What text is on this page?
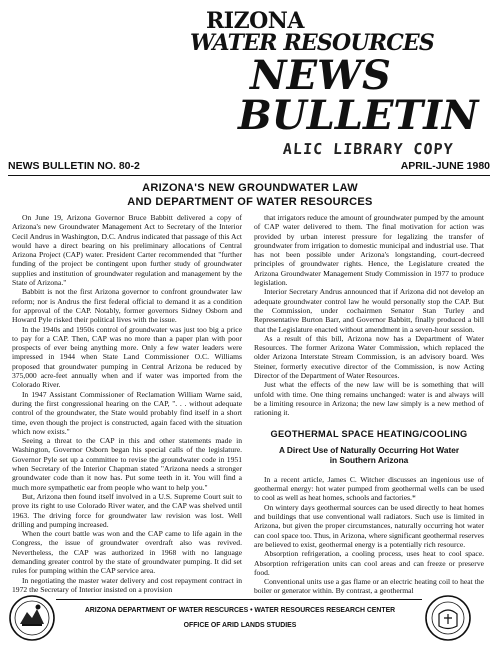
RIZONA
WATER RESOURCES
NEWS
BULLETIN
ALIC LIBRARY COPY
NEWS BULLETIN NO. 80-2	APRIL-JUNE 1980
ARIZONA'S NEW GROUNDWATER LAW
AND DEPARTMENT OF WATER RESOURCES

On June 19, Arizona Governor Bruce Babbitt delivered a copy of Arizona's new Groundwater Management Act to Secretary of the Interior Cecil Andrus in Washington, D.C. Andrus indicated that passage of this Act would have a direct bearing on his preliminary allocations of Central Arizona Project (CAP) water. President Carter recommended that "further funding of the project be contingent upon further study of groundwater supplies and institution of groundwater regulation and management by the State of Arizona."

Babbitt is not the first Arizona governor to confront groundwater law reform; nor is Andrus the first federal official to demand it as a condition for approval of the CAP. Notably, former governors Sidney Osborn and Howard Pyle risked their political lives with the issue.

In the 1940s and 1950s control of groundwater was just too big a price to pay for a CAP. Then, CAP was no more than a paper plan with poor prospects of ever being anything more. Only a few water leaders were impressed in 1944 when State Land Commissioner O.C. Williams proposed that groundwater pumping in Central Arizona be reduced by 375,000 acre-feet annually when and if water was imported from the Colorado River.

In 1947 Assistant Commissioner of Reclamation William Warne said, during the first congressional hearing on the CAP, ". . . without adequate control of the groundwater, the State would probably find itself in a short time, even though the project is constructed, again faced with the situation which now exists."

Seeing a threat to the CAP in this and other statements made in Washington, Governor Osborn began his special calls of the legislature. Governor Pyle set up a committee to revise the groundwater code in 1951 when Secretary of the Interior Chapman stated "Arizona needs a stronger groundwater code than it now has. Put some teeth in it. You will find a much more sympathetic ear from people who want to help you."

But, Arizona then found itself involved in a U.S. Supreme Court suit to prove its right to use Colorado River water, and the CAP was shelved until 1963. The driving force for groundwater law revision was lost. Well drilling and pumping increased.

When the court battle was won and the CAP came to life again in the Congress, the issue of groundwater overdraft also was revived. Nevertheless, the CAP was authorized in 1968 with no language demanding greater control by the state of groundwater pumping. It did set rules for pumping within the CAP service area.

In negotiating the master water delivery and cost repayment contract in 1972 the Secretary of Interior insisted on a provision

that irrigators reduce the amount of groundwater pumped by the amount of CAP water delivered to them. The final motivation for action was provided by urban interest pressure for legalizing the transfer of groundwater from irrigation to domestic municipal and industrial use. That has not been possible under Arizona's longstanding, court-decreed principles of groundwater rights. Hence, the Legislature created the Arizona Groundwater Management Study Commission in 1977 to produce legislation.

Interior Secretary Andrus announced that if Arizona did not develop an adequate groundwater control law he would personally stop the CAP. But the Commission, under cochairmen Senator Stan Turley and Representative Burton Barr, and Governor Babbitt, finally produced a bill that the Legislature enacted without amendment in a seven-hour session.

As a result of this bill, Arizona now has a Department of Water Resources. The former Arizona Water Commission, which replaced the older Arizona Interstate Stream Commission, is an advisory board. Wes Steiner, formerly executive director of the Commission, is now Acting Director of the Department of Water Resources.

Just what the effects of the new law will be is something that will unfold with time. One thing remains unchanged: water is and always will be a limiting resource in Arizona; the new law simply is a new method of rationing it.

GEOTHERMAL SPACE HEATING/COOLING
A Direct Use of Naturally Occurring Hot Water
in Southern Arizona

In a recent article, James C. Witcher discusses an ingenious use of geothermal energy: hot water pumped from geothermal wells can be used to cool as well as heat homes, schools and factories.*

On wintery days geothermal sources can be used directly to heat homes and buildings that use conventional wall radiators. Such use is limited in Arizona, but given the proper circumstances, naturally occurring hot water can cool space too. Thus, in Arizona, where significant geothermal reserves are believed to exist, geothermal energy is a potentially rich resource.

Absorption refrigeration, a cooling process, uses heat to cool space. Absorption refrigeration units can cool areas and can freeze or preserve food.

Conventional units use a gas flame or an electric heating coil to heat the boiler or generator within. By contrast, a geothermal

ARIZONA DEPARTMENT OF WATER RESCURCES • WATER RESOURCES RESEARCH CENTER
OFFICE OF ARID LANDS STUDIES
